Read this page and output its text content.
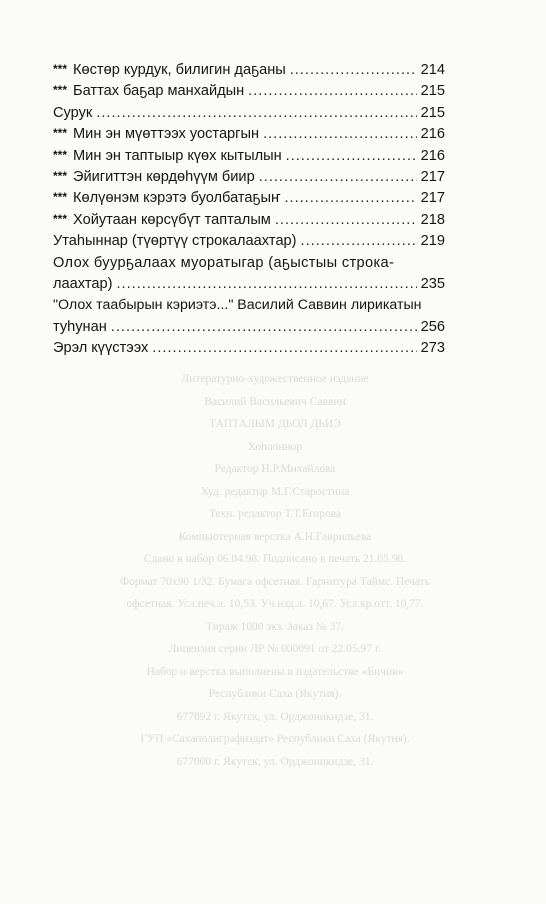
*** Көстөр курдук, билигин даҕаны .....	214
*** Баттах баҕар манхайдын .....	215
Сурук .....	215
*** Мин эн мүөттээх уостаргын .....	216
*** Мин эн таптыыр күөх кытылын .....	216
*** Эйигиттэн көрдөһүүм биир .....	217
*** Көлүөнэм кэрэтэ буолбатаҕыҥ .....	217
*** Хойутаан көрсүбүт тапталым .....	218
Утаһыннар (түөртүү строкалаахтар) .....	219
Олох буурҕалаах муоратыгар (аҕыстыы строка-
лаахтар) .....	235
"Олох таабырын кэриэтэ..." Василий Саввин лирикатын
туһунан .....	256
Эрэл күүстээх .....	273
Литературно-художественное издание
Василий Васильевич Саввин
ТАПТАЛЫМ ДЬОЛ ДЬИЭ
Хоһооннор
Редактор Н.Р.Михайлова
Худ. редактор М.Г.Старостина
Техн. редактор Т.Т.Егорова
Компьютерная верстка А.Н.Гаврильева
Сдано в набор 06.04.98. Подписано в печать 21.05.98.
Формат 70x90 1/32. Бумага офсетная. Гарнитура Таймс. Печать
офсетная. Усл.печ.л. 10,53. Уч.изд.л. 10,67. Усл.кр.отт. 10,77.
Тираж 1000 экз. Заказ № 37.
Лицензия серии ЛР № 000091 от 22.05.97 г.
Набор и верстка выполнены в издательстве «Бичик»
Республики Саха (Якутия).
677892 г. Якутск, ул. Орджоникидзе, 31.
ГУП «Сахаполиграфиздат» Республики Саха (Якутия).
677000 г. Якутск, ул. Орджоникидзе, 31.
